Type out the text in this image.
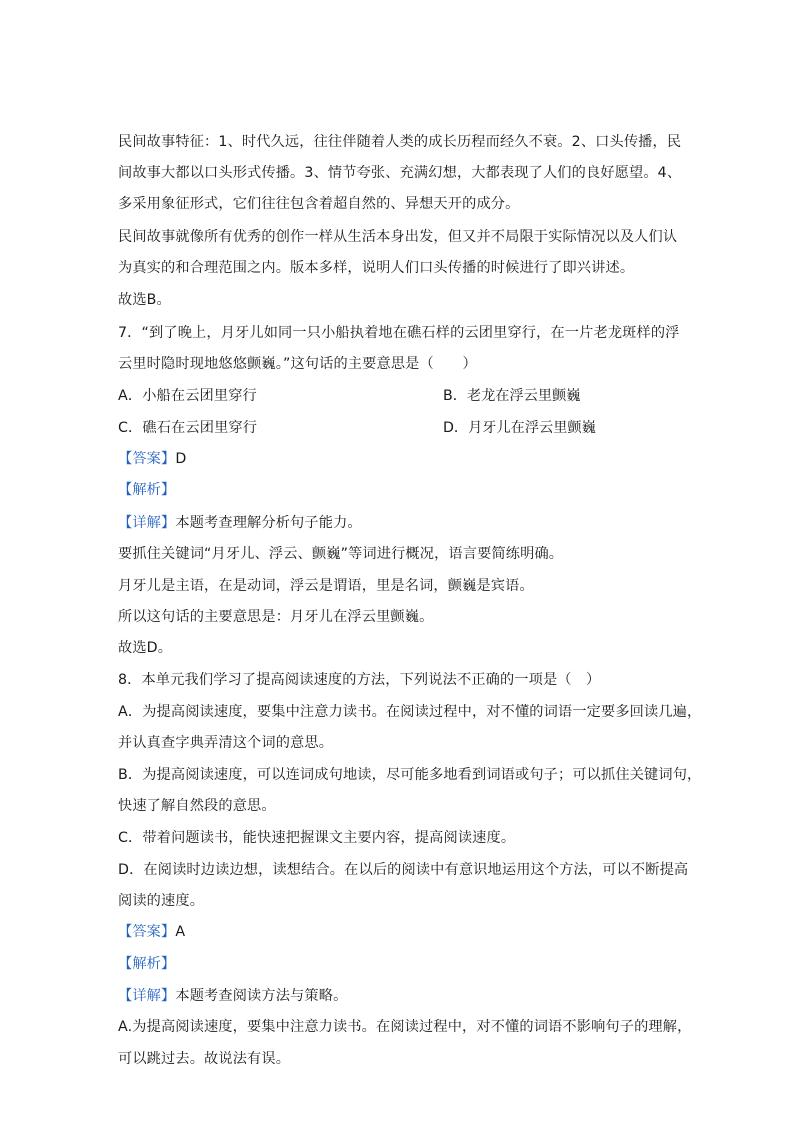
民间故事特征：1、时代久远，往往伴随着人类的成长历程而经久不衰。2、口头传播，民

间故事大都以口头形式传播。3、情节夸张、充满幻想，大都表现了人们的良好愿望。4、

多采用象征形式，它们往往包含着超自然的、异想天开的成分。

民间故事就像所有优秀的创作一样从生活本身出发，但又并不局限于实际情况以及人们认

为真实的和合理范围之内。版本多样，说明人们口头传播的时候进行了即兴讲述。

故选B。

7．“到了晚上，月牙儿如同一只小船执着地在礁石样的云团里穿行，在一片老龙斑样的浮

云里时隐时现地悠悠颤巍。”这句话的主要意思是（　　）

A．小船在云团里穿行	B．老龙在浮云里颤巍

C．礁石在云团里穿行	D．月牙儿在浮云里颤巍

【答案】D

【解析】

【详解】本题考查理解分析句子能力。

要抓住关键词“月牙儿、浮云、颤巍”等词进行概况，语言要简练明确。

月牙儿是主语，在是动词，浮云是谓语，里是名词，颤巍是宾语。

所以这句话的主要意思是：月牙儿在浮云里颤巍。

故选D。

8．本单元我们学习了提高阅读速度的方法，下列说法不正确的一项是（　）

A．为提高阅读速度，要集中注意力读书。在阅读过程中，对不懂的词语一定要多回读几遍，

并认真查字典弄清这个词的意思。

B．为提高阅读速度，可以连词成句地读，尽可能多地看到词语或句子；可以抓住关键词句，

快速了解自然段的意思。

C．带着问题读书，能快速把握课文主要内容，提高阅读速度。

D．在阅读时边读边想，读想结合。在以后的阅读中有意识地运用这个方法，可以不断提高

阅读的速度。

【答案】A

【解析】

【详解】本题考查阅读方法与策略。

A.为提高阅读速度，要集中注意力读书。在阅读过程中，对不懂的词语不影响句子的理解，

可以跳过去。故说法有误。
